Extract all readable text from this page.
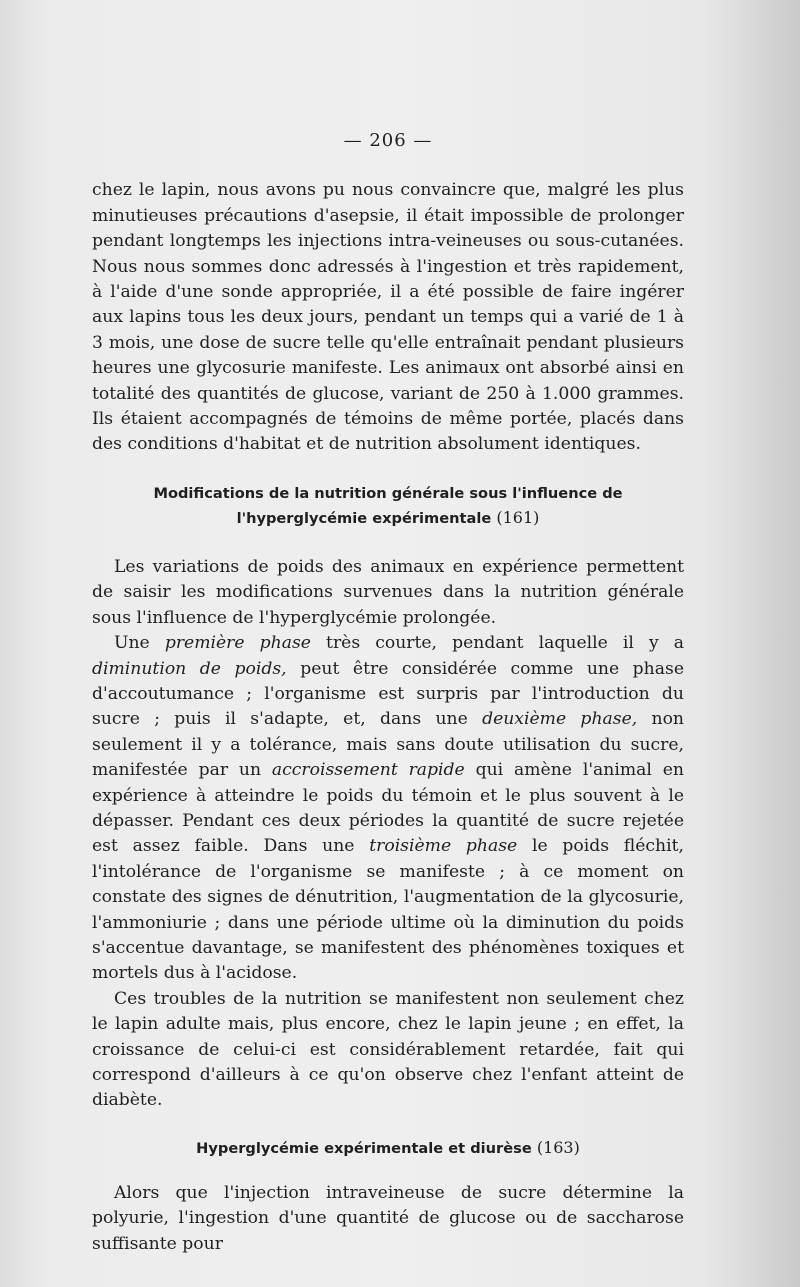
— 206 —

chez le lapin, nous avons pu nous convaincre que, malgré les plus minutieuses précautions d'asepsie, il était impossible de prolonger pendant longtemps les injections intra-veineuses ou sous-cutanées. Nous nous sommes donc adressés à l'ingestion et très rapidement, à l'aide d'une sonde appropriée, il a été possible de faire ingérer aux lapins tous les deux jours, pendant un temps qui a varié de 1 à 3 mois, une dose de sucre telle qu'elle entraînait pendant plusieurs heures une glycosurie manifeste. Les animaux ont absorbé ainsi en totalité des quantités de glucose, variant de 250 à 1.000 grammes. Ils étaient accompagnés de témoins de même portée, placés dans des conditions d'habitat et de nutrition absolument identiques.

Modifications de la nutrition générale sous l'influence de l'hyperglycémie expérimentale (161)

Les variations de poids des animaux en expérience permettent de saisir les modifications survenues dans la nutrition générale sous l'influence de l'hyperglycémie prolongée.

Une première phase très courte, pendant laquelle il y a diminution de poids, peut être considérée comme une phase d'accoutumance ; l'organisme est surpris par l'introduction du sucre ; puis il s'adapte, et, dans une deuxième phase, non seulement il y a tolérance, mais sans doute utilisation du sucre, manifestée par un accroissement rapide qui amène l'animal en expérience à atteindre le poids du témoin et le plus souvent à le dépasser. Pendant ces deux périodes la quantité de sucre rejetée est assez faible. Dans une troisième phase le poids fléchit, l'intolérance de l'organisme se manifeste ; à ce moment on constate des signes de dénutrition, l'augmentation de la glycosurie, l'ammoniurie ; dans une période ultime où la diminution du poids s'accentue davantage, se manifestent des phénomènes toxiques et mortels dus à l'acidose.

Ces troubles de la nutrition se manifestent non seulement chez le lapin adulte mais, plus encore, chez le lapin jeune ; en effet, la croissance de celui-ci est considérablement retardée, fait qui correspond d'ailleurs à ce qu'on observe chez l'enfant atteint de diabète.

Hyperglycémie expérimentale et diurèse (163)

Alors que l'injection intraveineuse de sucre détermine la polyurie, l'ingestion d'une quantité de glucose ou de saccharose suffisante pour
